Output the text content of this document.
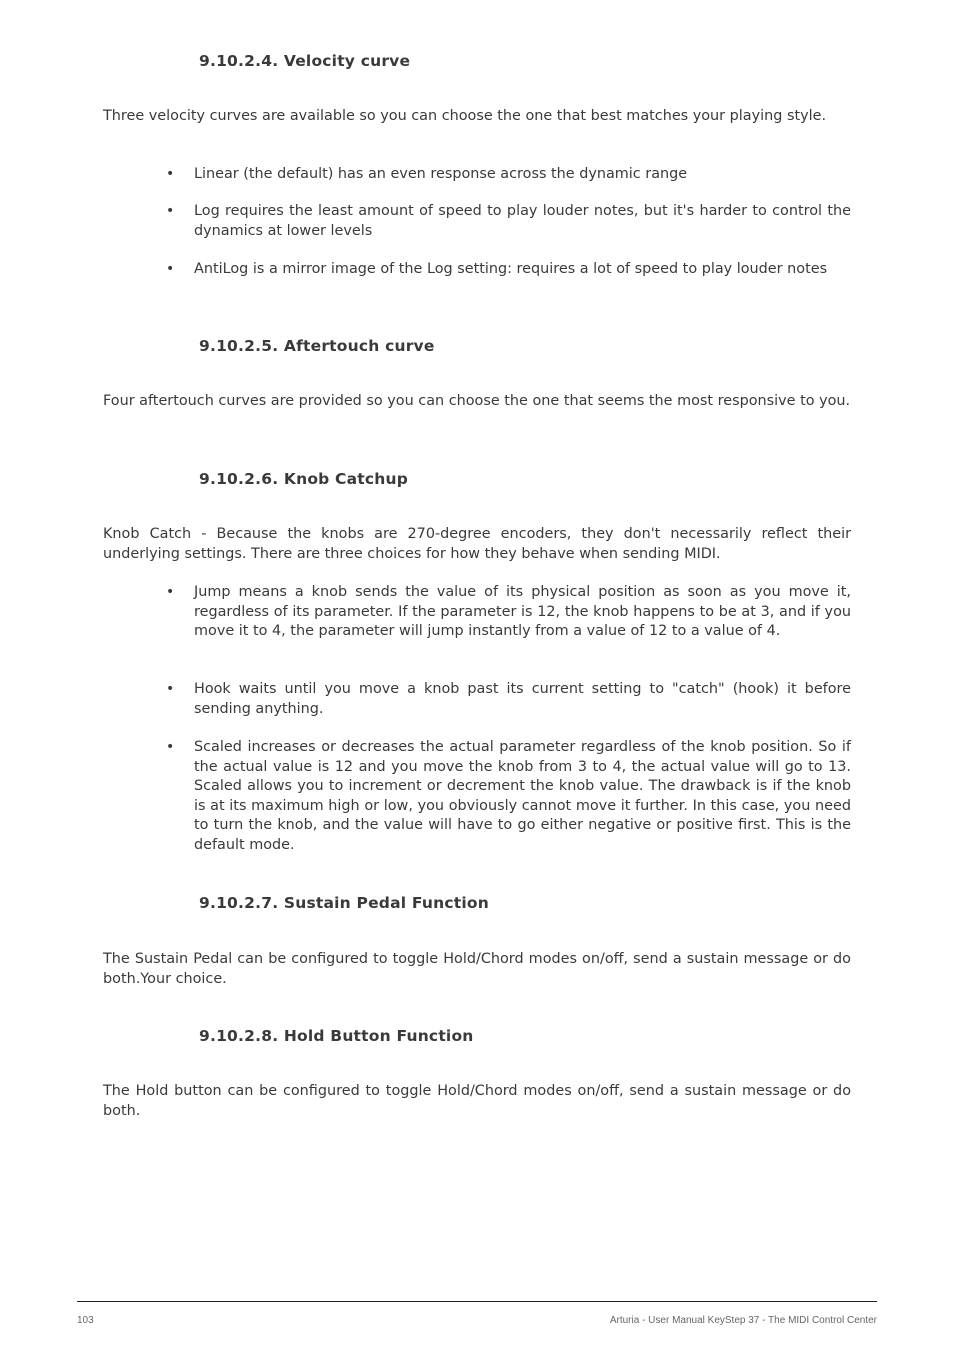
9.10.2.4. Velocity curve

Three velocity curves are available so you can choose the one that best matches your playing style.

• Linear (the default) has an even response across the dynamic range

• Log requires the least amount of speed to play louder notes, but it's harder to control the dynamics at lower levels

• AntiLog is a mirror image of the Log setting: requires a lot of speed to play louder notes

9.10.2.5. Aftertouch curve

Four aftertouch curves are provided so you can choose the one that seems the most responsive to you.

9.10.2.6. Knob Catchup

Knob Catch - Because the knobs are 270-degree encoders, they don't necessarily reflect their underlying settings. There are three choices for how they behave when sending MIDI.

• Jump means a knob sends the value of its physical position as soon as you move it, regardless of its parameter. If the parameter is 12, the knob happens to be at 3, and if you move it to 4, the parameter will jump instantly from a value of 12 to a value of 4.

• Hook waits until you move a knob past its current setting to "catch" (hook) it before sending anything.

• Scaled increases or decreases the actual parameter regardless of the knob position. So if the actual value is 12 and you move the knob from 3 to 4, the actual value will go to 13. Scaled allows you to increment or decrement the knob value. The drawback is if the knob is at its maximum high or low, you obviously cannot move it further. In this case, you need to turn the knob, and the value will have to go either negative or positive first. This is the default mode.

9.10.2.7. Sustain Pedal Function

The Sustain Pedal can be configured to toggle Hold/Chord modes on/off, send a sustain message or do both.Your choice.

9.10.2.8. Hold Button Function

The Hold button can be configured to toggle Hold/Chord modes on/off, send a sustain message or do both.

103	Arturia - User Manual KeyStep 37 - The MIDI Control Center
